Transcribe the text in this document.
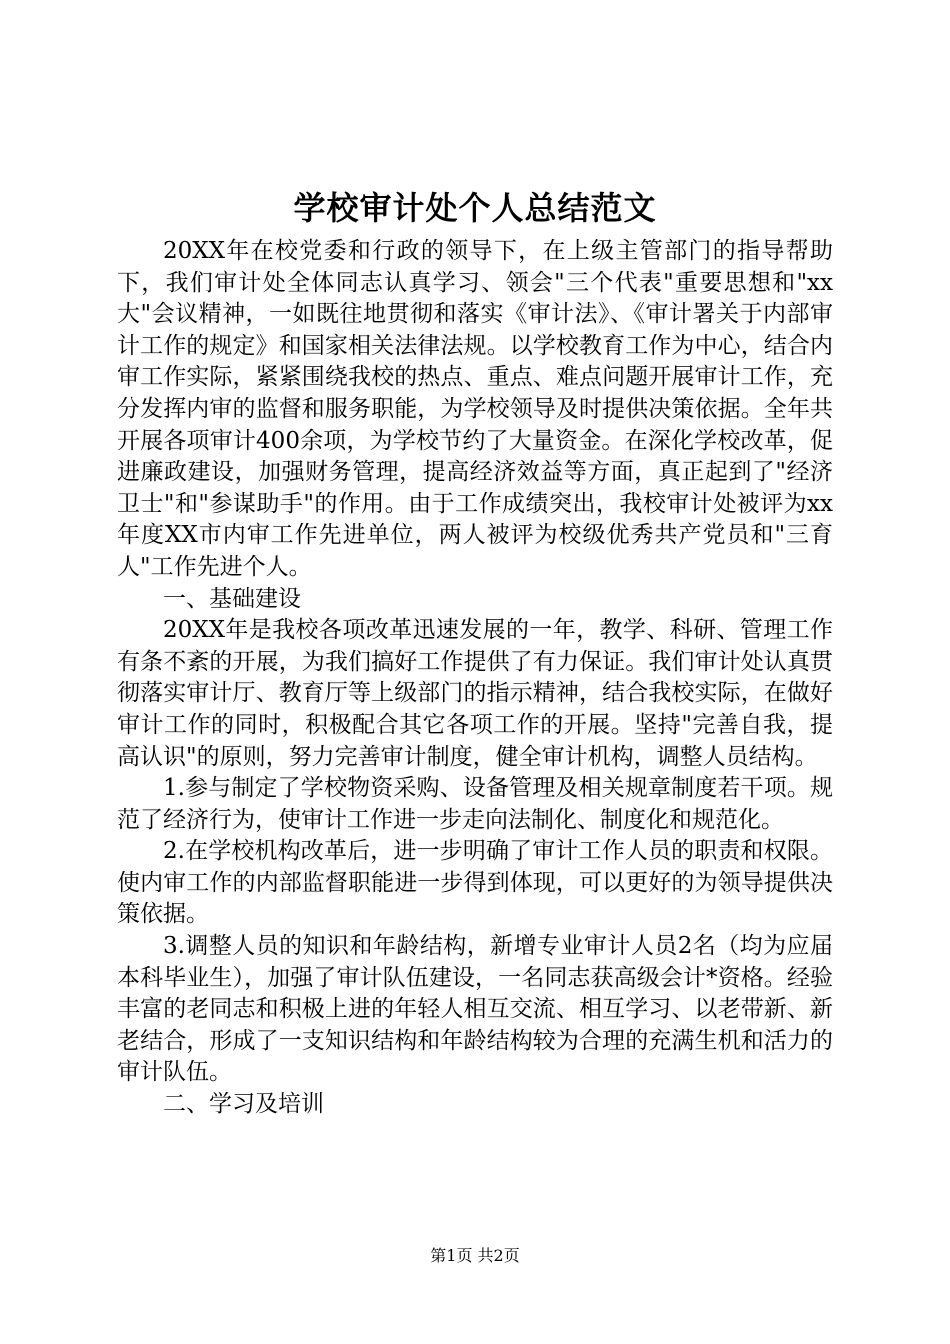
学校审计处个人总结范文

20XX年在校党委和行政的领导下，在上级主管部门的指导帮助下，我们审计处全体同志认真学习、领会"三个代表"重要思想和"xx大"会议精神，一如既往地贯彻和落实《审计法》、《审计署关于内部审计工作的规定》和国家相关法律法规。以学校教育工作为中心，结合内审工作实际，紧紧围绕我校的热点、重点、难点问题开展审计工作，充分发挥内审的监督和服务职能，为学校领导及时提供决策依据。全年共开展各项审计400余项，为学校节约了大量资金。在深化学校改革，促进廉政建设，加强财务管理，提高经济效益等方面，真正起到了"经济卫士"和"参谋助手"的作用。由于工作成绩突出，我校审计处被评为xx年度XX市内审工作先进单位，两人被评为校级优秀共产党员和"三育人"工作先进个人。

一、基础建设

20XX年是我校各项改革迅速发展的一年，教学、科研、管理工作有条不紊的开展，为我们搞好工作提供了有力保证。我们审计处认真贯彻落实审计厅、教育厅等上级部门的指示精神，结合我校实际，在做好审计工作的同时，积极配合其它各项工作的开展。坚持"完善自我，提高认识"的原则，努力完善审计制度，健全审计机构，调整人员结构。

1.参与制定了学校物资采购、设备管理及相关规章制度若干项。规范了经济行为，使审计工作进一步走向法制化、制度化和规范化。

2.在学校机构改革后，进一步明确了审计工作人员的职责和权限。使内审工作的内部监督职能进一步得到体现，可以更好的为领导提供决策依据。

3.调整人员的知识和年龄结构，新增专业审计人员2名（均为应届本科毕业生），加强了审计队伍建设，一名同志获高级会计*资格。经验丰富的老同志和积极上进的年轻人相互交流、相互学习、以老带新、新老结合，形成了一支知识结构和年龄结构较为合理的充满生机和活力的审计队伍。

二、学习及培训

第1页 共2页
